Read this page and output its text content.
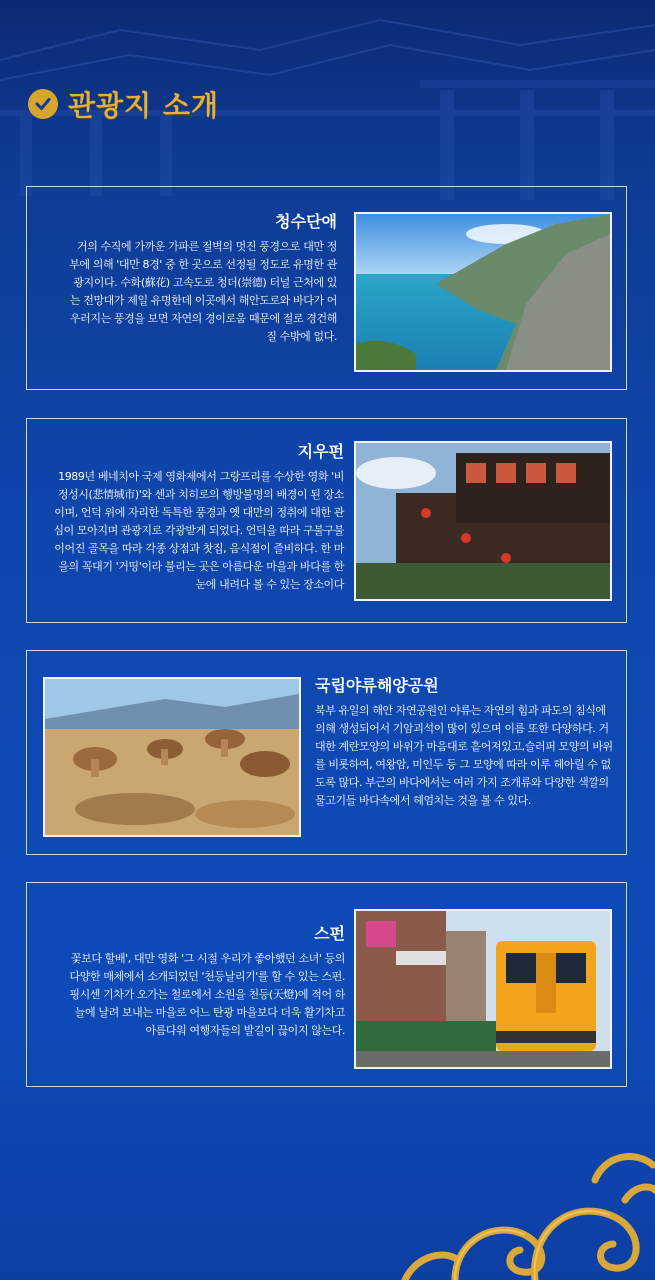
관광지 소개
청수단애

거의 수직에 가까운 가파른 절벽의 멋진 풍경으로 대만 정부에 의해 '대만 8경' 중 한 곳으로 선정될 정도로 유명한 관광지이다. 수화(蘇花) 고속도로 청더(崇德) 터널 근처에 있는 전망대가 제일 유명한데 이곳에서 해안도로와 바다가 어우러지는 풍경을 보면 자연의 경이로움 때문에 절로 경건해질 수밖에 없다.

지우펀

1989년 베네치아 국제 영화제에서 그랑프리를 수상한 영화 '비정성시(悲情城市)'와 센과 치히로의 행방불명의 배경이 된 장소이며, 언덕 위에 자리한 독특한 풍경과 옛 대만의 정취에 대한 관심이 모아지며 관광지로 각광받게 되었다. 언덕을 따라 구불구불 이어진 골목을 따라 각종 상점과 찻집, 음식점이 즐비하다. 한 마을의 꼭대기 '거띵'이라 불리는 곳은 아름다운 마을과 바다를 한눈에 내려다 볼 수 있는 장소이다

국립야류해양공원

북부 유일의 해안 자연공원인 야류는 자연의 힘과 파도의 침식에 의해 생성되어서 기암괴석이 많이 있으며 이름 또한 다양하다. 거대한 계란모양의 바위가 마음대로 흩어져있고,슬러퍼 모양의 바위를 비롯하여, 여왕암, 미인두 등 그 모양에 따라 이루 헤아릴 수 없도록 많다. 부근의 바다에서는 여러 가지 조개류와 다양한 색깔의 물고기들 바다속에서 헤엄치는 것을 볼 수 있다.

스펀

꽃보다 할배', 대만 영화 '그 시절 우리가 좋아했던 소녀' 등의 다양한 매체에서 소개되었던 '천등날리기'를 할 수 있는 스펀. 핑시센 기차가 오가는 철로에서 소원을 천등(天燈)에 적어 하늘에 날려 보내는 마을로 어느 탄광 마을보다 더욱 활기차고 아름다워 여행자들의 발길이 끊이지 않는다.
